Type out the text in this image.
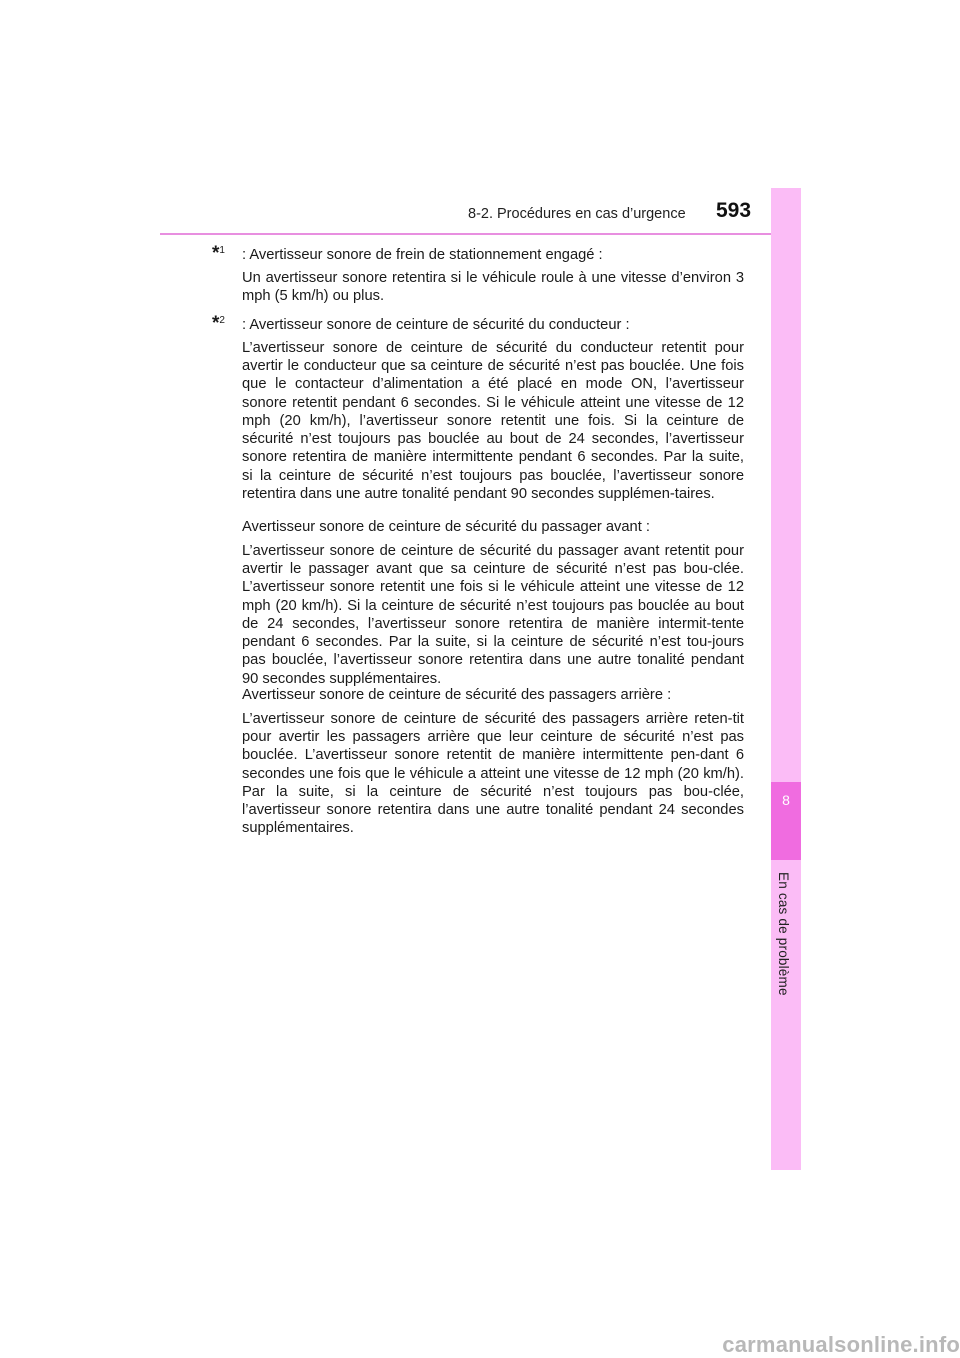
8-2. Procédures en cas d’urgence 593
8
En cas de problème
*$^1$ : Avertisseur sonore de frein de stationnement engagé :

Un avertisseur sonore retentira si le véhicule roule à une vitesse d’environ 3 mph (5 km/h) ou plus.

*$^2$ : Avertisseur sonore de ceinture de sécurité du conducteur :

L’avertisseur sonore de ceinture de sécurité du conducteur retentit pour avertir le conducteur que sa ceinture de sécurité n’est pas bouclée. Une fois que le contacteur d’alimentation a été placé en mode ON, l’avertisseur sonore retentit pendant 6 secondes. Si le véhicule atteint une vitesse de 12 mph (20 km/h), l’avertisseur sonore retentit une fois. Si la ceinture de sécurité n’est toujours pas bouclée au bout de 24 secondes, l’avertisseur sonore retentira de manière intermittente pendant 6 secondes. Par la suite, si la ceinture de sécurité n’est toujours pas bouclée, l’avertisseur sonore retentira dans une autre tonalité pendant 90 secondes supplémen-taires.

Avertisseur sonore de ceinture de sécurité du passager avant :

L’avertisseur sonore de ceinture de sécurité du passager avant retentit pour avertir le passager avant que sa ceinture de sécurité n’est pas bou-clée. L’avertisseur sonore retentit une fois si le véhicule atteint une vitesse de 12 mph (20 km/h). Si la ceinture de sécurité n’est toujours pas bouclée au bout de 24 secondes, l’avertisseur sonore retentira de manière intermit-tente pendant 6 secondes. Par la suite, si la ceinture de sécurité n’est tou-jours pas bouclée, l’avertisseur sonore retentira dans une autre tonalité pendant 90 secondes supplémentaires.

Avertisseur sonore de ceinture de sécurité des passagers arrière :

L’avertisseur sonore de ceinture de sécurité des passagers arrière reten-tit pour avertir les passagers arrière que leur ceinture de sécurité n’est pas bouclée. L’avertisseur sonore retentit de manière intermittente pen-dant 6 secondes une fois que le véhicule a atteint une vitesse de 12 mph (20 km/h). Par la suite, si la ceinture de sécurité n’est toujours pas bou-clée, l’avertisseur sonore retentira dans une autre tonalité pendant 24 secondes supplémentaires.

carmanualsonline.info
